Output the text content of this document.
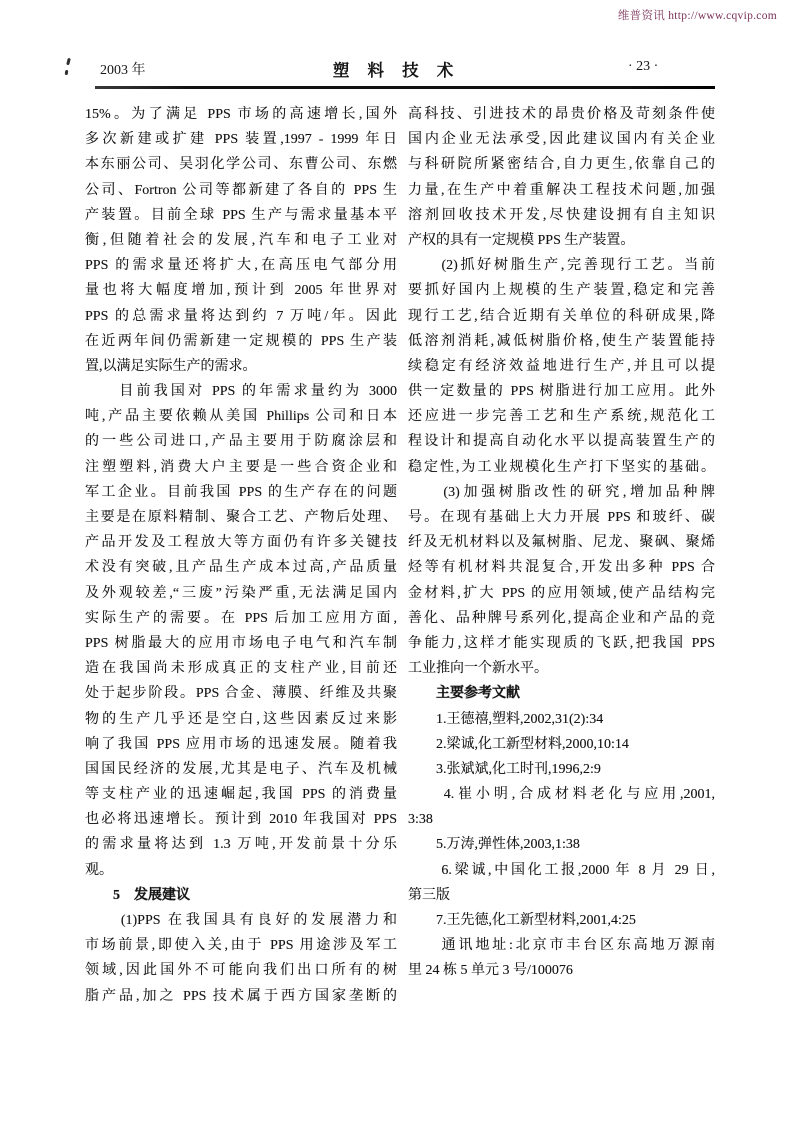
维普资讯 http://www.cqvip.com
2003 年	塑 料 技 术	· 23 ·
15%。为了满足 PPS 市场的高速增长,国外
多次新建或扩建 PPS 装置,1997 - 1999 年日
本东丽公司、吴羽化学公司、东曹公司、东燃
公司、Fortron 公司等都新建了各自的 PPS 生
产装置。目前全球 PPS 生产与需求量基本平
衡,但随着社会的发展,汽车和电子工业对
PPS 的需求量还将扩大,在高压电气部分用
量也将大幅度增加,预计到 2005 年世界对
PPS 的总需求量将达到约 7 万吨/年。因此
在近两年间仍需新建一定规模的 PPS 生产装
置,以满足实际生产的需求。
　　目前我国对 PPS 的年需求量约为 3000
吨,产品主要依赖从美国 Phillips 公司和日本
的一些公司进口,产品主要用于防腐涂层和
注塑塑料,消费大户主要是一些合资企业和
军工企业。目前我国 PPS 的生产存在的问题
主要是在原料精制、聚合工艺、产物后处理、
产品开发及工程放大等方面仍有许多关键技
术没有突破,且产品生产成本过高,产品质量
及外观较差,“三废”污染严重,无法满足国内
实际生产的需要。在 PPS 后加工应用方面,
PPS 树脂最大的应用市场电子电气和汽车制
造在我国尚未形成真正的支柱产业,目前还
处于起步阶段。PPS 合金、薄膜、纤维及共聚
物的生产几乎还是空白,这些因素反过来影
响了我国 PPS 应用市场的迅速发展。随着我
国国民经济的发展,尤其是电子、汽车及机械
等支柱产业的迅速崛起,我国 PPS 的消费量
也必将迅速增长。预计到 2010 年我国对 PPS
的需求量将达到 1.3 万吨,开发前景十分乐
观。
　　5　发展建议
　　(1)PPS 在我国具有良好的发展潜力和
市场前景,即使入关,由于 PPS 用途涉及军工
领域,因此国外不可能向我们出口所有的树
脂产品,加之 PPS 技术属于西方国家垄断的
高科技、引进技术的昂贵价格及苛刻条件使
国内企业无法承受,因此建议国内有关企业
与科研院所紧密结合,自力更生,依靠自己的
力量,在生产中着重解决工程技术问题,加强
溶剂回收技术开发,尽快建设拥有自主知识
产权的具有一定规模 PPS 生产装置。
　　(2)抓好树脂生产,完善现行工艺。当前
要抓好国内上规模的生产装置,稳定和完善
现行工艺,结合近期有关单位的科研成果,降
低溶剂消耗,减低树脂价格,使生产装置能持
续稳定有经济效益地进行生产,并且可以提
供一定数量的 PPS 树脂进行加工应用。此外
还应进一步完善工艺和生产系统,规范化工
程设计和提高自动化水平以提高装置生产的
稳定性,为工业规模化生产打下坚实的基础。
　　(3)加强树脂改性的研究,增加品种牌
号。在现有基础上大力开展 PPS 和玻纤、碳
纤及无机材料以及氟树脂、尼龙、聚砜、聚烯
烃等有机材料共混复合,开发出多种 PPS 合
金材料,扩大 PPS 的应用领域,使产品结构完
善化、品种牌号系列化,提高企业和产品的竞
争能力,这样才能实现质的飞跃,把我国 PPS
工业推向一个新水平。
　　主要参考文献
　　1.王德禧,塑料,2002,31(2):34
　　2.梁诚,化工新型材料,2000,10:14
　　3.张斌斌,化工时刊,1996,2:9
　　4.崔小明,合成材料老化与应用,2001,
3:38
　　5.万涛,弹性体,2003,1:38
　　6.梁诚,中国化工报,2000 年 8 月 29 日,
第三版
　　7.王先德,化工新型材料,2001,4:25
　　通讯地址:北京市丰台区东高地万源南
里 24 栋 5 单元 3 号/100076
